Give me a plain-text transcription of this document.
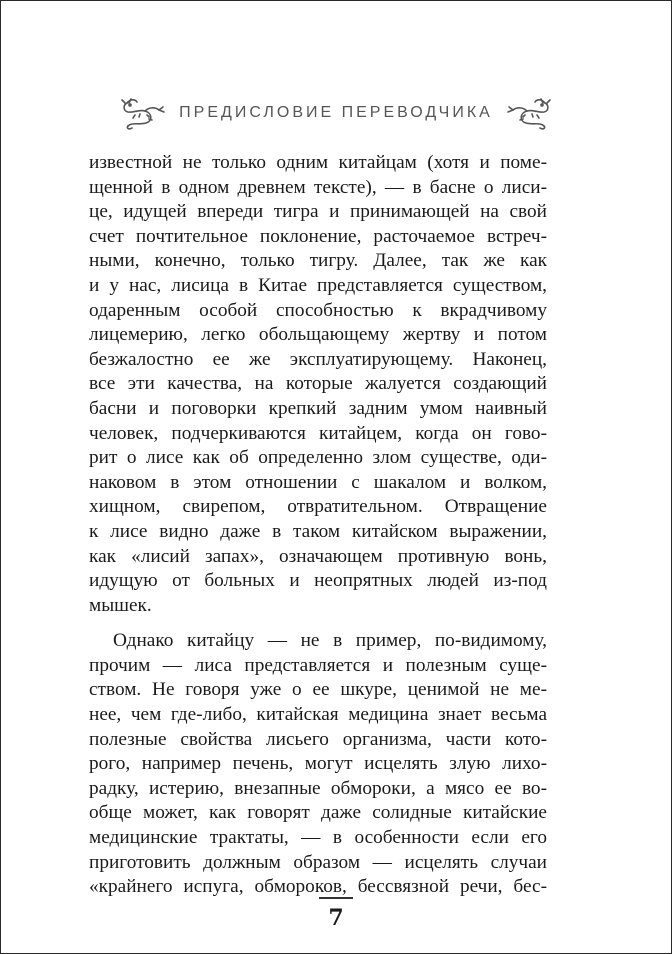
ПРЕДИСЛОВИЕ ПЕРЕВОДЧИКА
известной не только одним китайцам (хотя и поме-
щенной в одном древнем тексте), — в басне о лиси-
це, идущей впереди тигра и принимающей на свой
счет почтительное поклонение, расточаемое встреч-
ными, конечно, только тигру. Далее, так же как
и у нас, лисица в Китае представляется существом,
одаренным особой способностью к вкрадчивому
лицемерию, легко обольщающему жертву и потом
безжалостно ее же эксплуатирующему. Наконец,
все эти качества, на которые жалуется создающий
басни и поговорки крепкий задним умом наивный
человек, подчеркиваются китайцем, когда он гово-
рит о лисе как об определенно злом существе, оди-
наковом в этом отношении с шакалом и волком,
хищном, свирепом, отвратительном. Отвращение
к лисе видно даже в таком китайском выражении,
как «лисий запах», означающем противную вонь,
идущую от больных и неопрятных людей из-под
мышек.
Однако китайцу — не в пример, по-видимому,
прочим — лиса представляется и полезным суще-
ством. Не говоря уже о ее шкуре, ценимой не ме-
нее, чем где-либо, китайская медицина знает весьма
полезные свойства лисьего организма, части кото-
рого, например печень, могут исцелять злую лихо-
радку, истерию, внезапные обмороки, а мясо ее во-
обще может, как говорят даже солидные китайские
медицинские трактаты, — в особенности если его
приготовить должным образом — исцелять случаи
«крайнего испуга, обмороков, бессвязной речи, бес-
7
